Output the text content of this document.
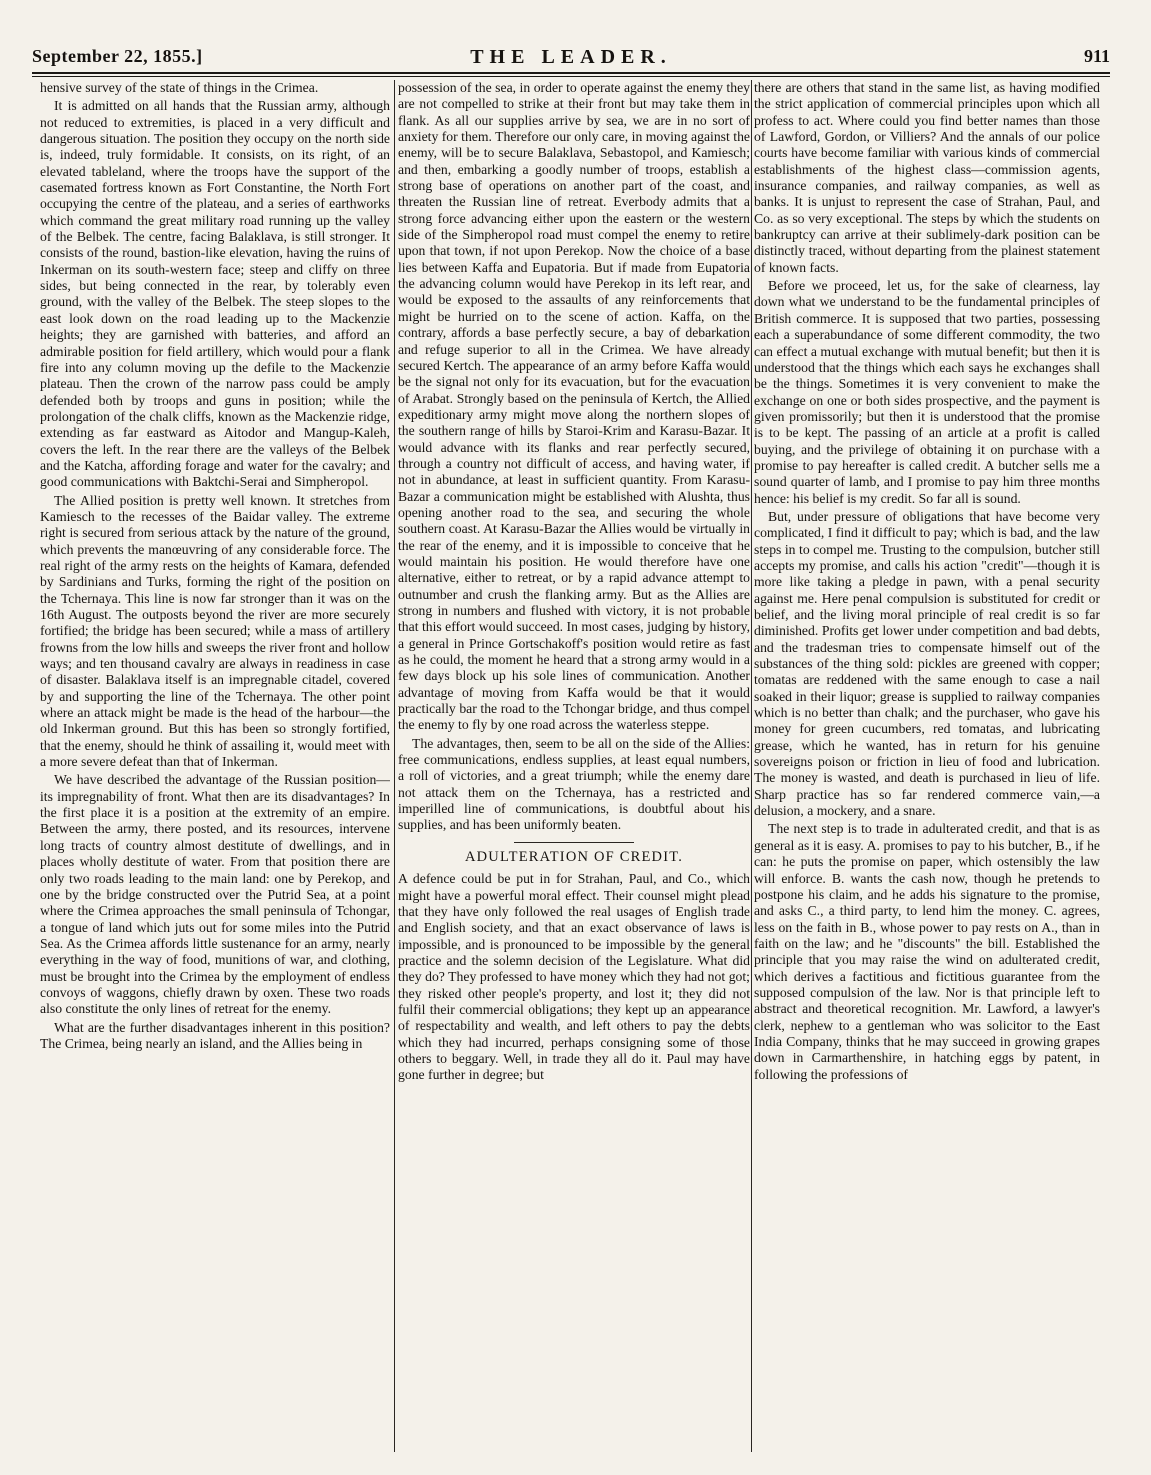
September 22, 1855.]	THE LEADER.	911

hensive survey of the state of things in the Crimea.

It is admitted on all hands that the Russian army, although not reduced to extremities, is placed in a very difficult and dangerous situation. The position they occupy on the north side is, indeed, truly formidable. It consists, on its right, of an elevated tableland, where the troops have the support of the casemated fortress known as Fort Constantine, the North Fort occupying the centre of the plateau, and a series of earthworks which command the great military road running up the valley of the Belbek. The centre, facing Balaklava, is still stronger. It consists of the round, bastion-like elevation, having the ruins of Inkerman on its south-western face; steep and cliffy on three sides, but being connected in the rear, by tolerably even ground, with the valley of the Belbek. The steep slopes to the east look down on the road leading up to the Mackenzie heights; they are garnished with batteries, and afford an admirable position for field artillery, which would pour a flank fire into any column moving up the defile to the Mackenzie plateau. Then the crown of the narrow pass could be amply defended both by troops and guns in position; while the prolongation of the chalk cliffs, known as the Mackenzie ridge, extending as far eastward as Aitodor and Mangup-Kaleh, covers the left. In the rear there are the valleys of the Belbek and the Katcha, affording forage and water for the cavalry; and good communications with Baktchi-Serai and Simpheropol.

The Allied position is pretty well known. It stretches from Kamiesch to the recesses of the Baidar valley. The extreme right is secured from serious attack by the nature of the ground, which prevents the manœuvring of any considerable force. The real right of the army rests on the heights of Kamara, defended by Sardinians and Turks, forming the right of the position on the Tchernaya. This line is now far stronger than it was on the 16th August. The outposts beyond the river are more securely fortified; the bridge has been secured; while a mass of artillery frowns from the low hills and sweeps the river front and hollow ways; and ten thousand cavalry are always in readiness in case of disaster. Balaklava itself is an impregnable citadel, covered by and supporting the line of the Tchernaya. The other point where an attack might be made is the head of the harbour—the old Inkerman ground. But this has been so strongly fortified, that the enemy, should he think of assailing it, would meet with a more severe defeat than that of Inkerman.

We have described the advantage of the Russian position—its impregnability of front. What then are its disadvantages? In the first place it is a position at the extremity of an empire. Between the army, there posted, and its resources, intervene long tracts of country almost destitute of dwellings, and in places wholly destitute of water. From that position there are only two roads leading to the main land: one by Perekop, and one by the bridge constructed over the Putrid Sea, at a point where the Crimea approaches the small peninsula of Tchongar, a tongue of land which juts out for some miles into the Putrid Sea. As the Crimea affords little sustenance for an army, nearly everything in the way of food, munitions of war, and clothing, must be brought into the Crimea by the employment of endless convoys of waggons, chiefly drawn by oxen. These two roads also constitute the only lines of retreat for the enemy.

What are the further disadvantages inherent in this position? The Crimea, being nearly an island, and the Allies being in

possession of the sea, in order to operate against the enemy they are not compelled to strike at their front but may take them in flank. As all our supplies arrive by sea, we are in no sort of anxiety for them. Therefore our only care, in moving against the enemy, will be to secure Balaklava, Sebastopol, and Kamiesch; and then, embarking a goodly number of troops, establish a strong base of operations on another part of the coast, and threaten the Russian line of retreat. Everbody admits that a strong force advancing either upon the eastern or the western side of the Simpheropol road must compel the enemy to retire upon that town, if not upon Perekop. Now the choice of a base lies between Kaffa and Eupatoria. But if made from Eupatoria the advancing column would have Perekop in its left rear, and would be exposed to the assaults of any reinforcements that might be hurried on to the scene of action. Kaffa, on the contrary, affords a base perfectly secure, a bay of debarkation and refuge superior to all in the Crimea. We have already secured Kertch. The appearance of an army before Kaffa would be the signal not only for its evacuation, but for the evacuation of Arabat. Strongly based on the peninsula of Kertch, the Allied expeditionary army might move along the northern slopes of the southern range of hills by Staroi-Krim and Karasu-Bazar. It would advance with its flanks and rear perfectly secured, through a country not difficult of access, and having water, if not in abundance, at least in sufficient quantity. From Karasu-Bazar a communication might be established with Alushta, thus opening another road to the sea, and securing the whole southern coast. At Karasu-Bazar the Allies would be virtually in the rear of the enemy, and it is impossible to conceive that he would maintain his position. He would therefore have one alternative, either to retreat, or by a rapid advance attempt to outnumber and crush the flanking army. But as the Allies are strong in numbers and flushed with victory, it is not probable that this effort would succeed. In most cases, judging by history, a general in Prince Gortschakoff's position would retire as fast as he could, the moment he heard that a strong army would in a few days block up his sole lines of communication. Another advantage of moving from Kaffa would be that it would practically bar the road to the Tchongar bridge, and thus compel the enemy to fly by one road across the waterless steppe.

The advantages, then, seem to be all on the side of the Allies: free communications, endless supplies, at least equal numbers, a roll of victories, and a great triumph; while the enemy dare not attack them on the Tchernaya, has a restricted and imperilled line of communications, is doubtful about his supplies, and has been uniformly beaten.

ADULTERATION OF CREDIT.

A defence could be put in for Strahan, Paul, and Co., which might have a powerful moral effect. Their counsel might plead that they have only followed the real usages of English trade and English society, and that an exact observance of laws is impossible, and is pronounced to be impossible by the general practice and the solemn decision of the Legislature. What did they do? They professed to have money which they had not got; they risked other people's property, and lost it; they did not fulfil their commercial obligations; they kept up an appearance of respectability and wealth, and left others to pay the debts which they had incurred, perhaps consigning some of those others to beggary. Well, in trade they all do it. Paul may have gone further in degree; but

there are others that stand in the same list, as having modified the strict application of commercial principles upon which all profess to act. Where could you find better names than those of Lawford, Gordon, or Villiers? And the annals of our police courts have become familiar with various kinds of commercial establishments of the highest class—commission agents, insurance companies, and railway companies, as well as banks. It is unjust to represent the case of Strahan, Paul, and Co. as so very exceptional. The steps by which the students on bankruptcy can arrive at their sublimely-dark position can be distinctly traced, without departing from the plainest statement of known facts.

Before we proceed, let us, for the sake of clearness, lay down what we understand to be the fundamental principles of British commerce. It is supposed that two parties, possessing each a superabundance of some different commodity, the two can effect a mutual exchange with mutual benefit; but then it is understood that the things which each says he exchanges shall be the things. Sometimes it is very convenient to make the exchange on one or both sides prospective, and the payment is given promissorily; but then it is understood that the promise is to be kept. The passing of an article at a profit is called buying, and the privilege of obtaining it on purchase with a promise to pay hereafter is called credit. A butcher sells me a sound quarter of lamb, and I promise to pay him three months hence: his belief is my credit. So far all is sound.

But, under pressure of obligations that have become very complicated, I find it difficult to pay; which is bad, and the law steps in to compel me. Trusting to the compulsion, butcher still accepts my promise, and calls his action "credit"—though it is more like taking a pledge in pawn, with a penal security against me. Here penal compulsion is substituted for credit or belief, and the living moral principle of real credit is so far diminished. Profits get lower under competition and bad debts, and the tradesman tries to compensate himself out of the substances of the thing sold: pickles are greened with copper; tomatas are reddened with the same enough to case a nail soaked in their liquor; grease is supplied to railway companies which is no better than chalk; and the purchaser, who gave his money for green cucumbers, red tomatas, and lubricating grease, which he wanted, has in return for his genuine sovereigns poison or friction in lieu of food and lubrication. The money is wasted, and death is purchased in lieu of life. Sharp practice has so far rendered commerce vain,—a delusion, a mockery, and a snare.

The next step is to trade in adulterated credit, and that is as general as it is easy. A. promises to pay to his butcher, B., if he can: he puts the promise on paper, which ostensibly the law will enforce. B. wants the cash now, though he pretends to postpone his claim, and he adds his signature to the promise, and asks C., a third party, to lend him the money. C. agrees, less on the faith in B., whose power to pay rests on A., than in faith on the law; and he "discounts" the bill. Established the principle that you may raise the wind on adulterated credit, which derives a factitious and fictitious guarantee from the supposed compulsion of the law. Nor is that principle left to abstract and theoretical recognition. Mr. Lawford, a lawyer's clerk, nephew to a gentleman who was solicitor to the East India Company, thinks that he may succeed in growing grapes down in Carmarthenshire, in hatching eggs by patent, in following the professions of
